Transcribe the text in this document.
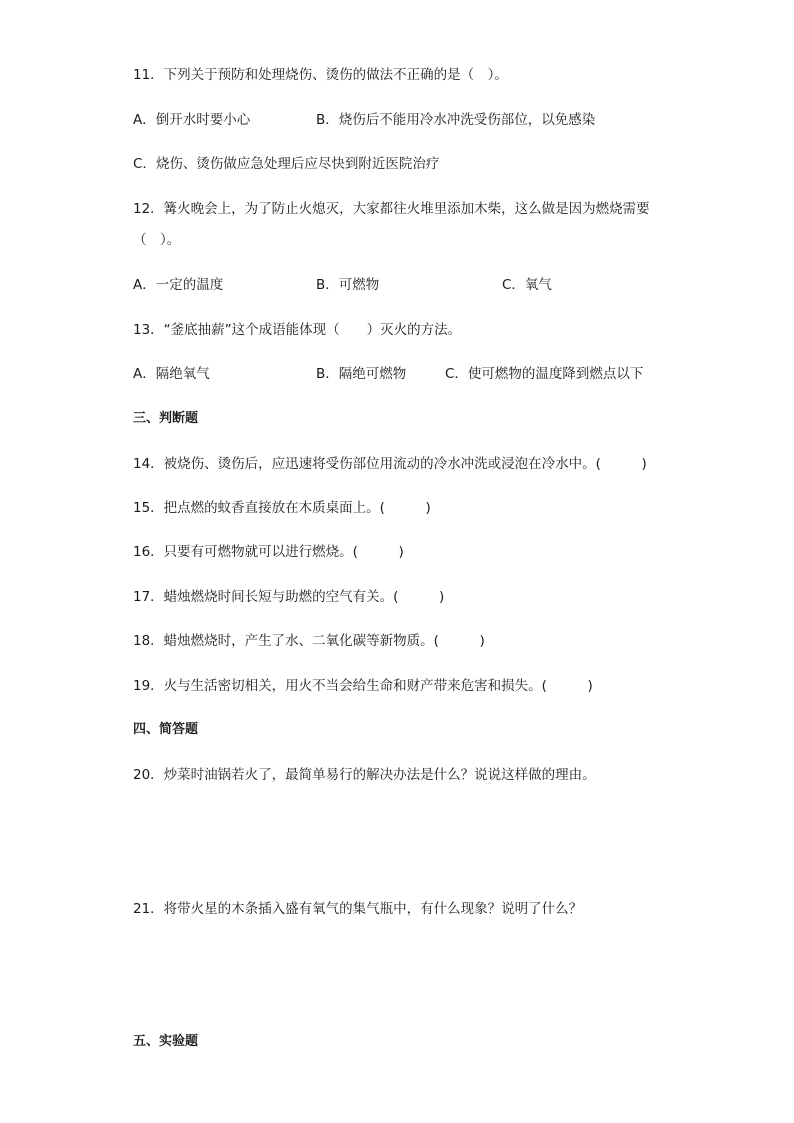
11．下列关于预防和处理烧伤、烫伤的做法不正确的是（　）。
A．倒开水时要小心	B．烧伤后不能用冷水冲洗受伤部位，以免感染
C．烧伤、烫伤做应急处理后应尽快到附近医院治疗
12．篝火晚会上，为了防止火熄灭，大家都往火堆里添加木柴，这么做是因为燃烧需要
（　）。
A．一定的温度	B．可燃物	C．氧气
13．“釜底抽薪”这个成语能体现（　　）灭火的方法。
A．隔绝氧气	B．隔绝可燃物	C．使可燃物的温度降到燃点以下
三、判断题
14．被烧伤、烫伤后，应迅速将受伤部位用流动的冷水冲洗或浸泡在冷水中。(　　　)
15．把点燃的蚊香直接放在木质桌面上。(　　　)
16．只要有可燃物就可以进行燃烧。(　　　)
17．蜡烛燃烧时间长短与助燃的空气有关。(　　　)
18．蜡烛燃烧时，产生了水、二氧化碳等新物质。(　　　)
19．火与生活密切相关，用火不当会给生命和财产带来危害和损失。(　　　)
四、简答题
20．炒菜时油锅若火了，最简单易行的解决办法是什么？说说这样做的理由。
21．将带火星的木条插入盛有氧气的集气瓶中，有什么现象？说明了什么？
五、实验题
